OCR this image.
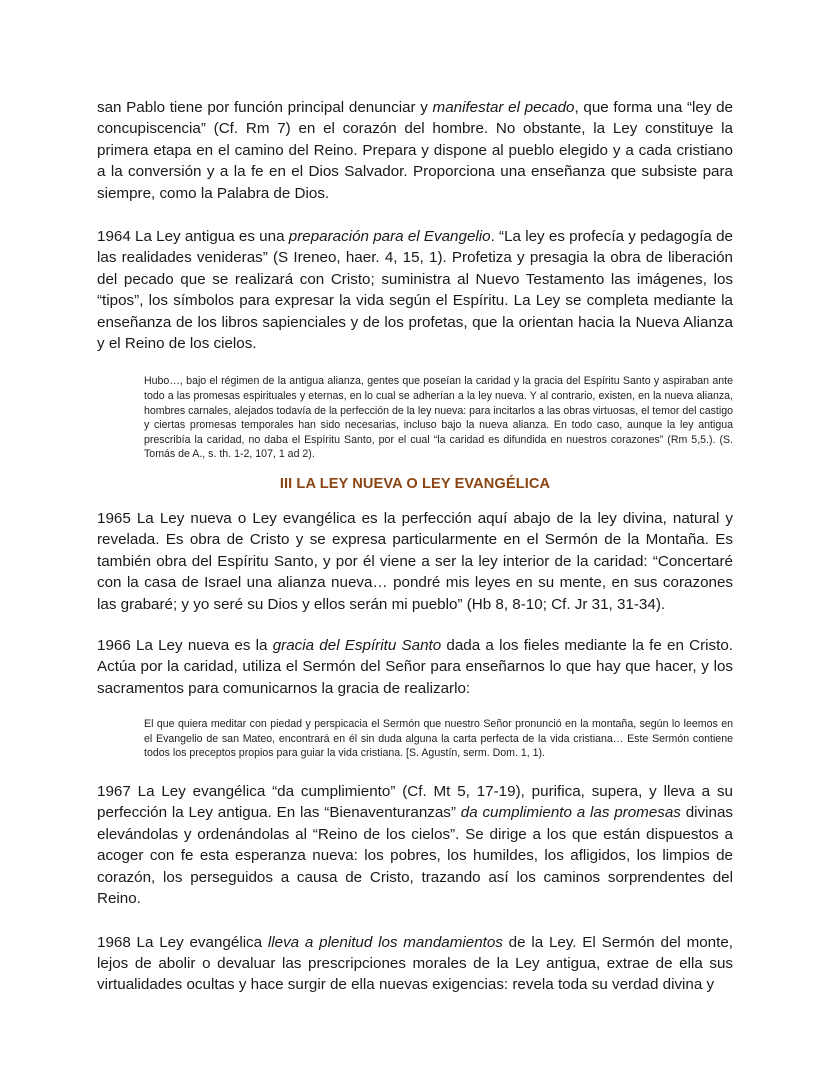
san Pablo tiene por función principal denunciar y manifestar el pecado, que forma una “ley de concupiscencia” (Cf. Rm 7) en el corazón del hombre. No obstante, la Ley constituye la primera etapa en el camino del Reino. Prepara y dispone al pueblo elegido y a cada cristiano a la conversión y a la fe en el Dios Salvador. Proporciona una enseñanza que subsiste para siempre, como la Palabra de Dios.

1964 La Ley antigua es una preparación para el Evangelio. “La ley es profecía y pedagogía de las realidades venideras” (S Ireneo, haer. 4, 15, 1). Profetiza y presagia la obra de liberación del pecado que se realizará con Cristo; suministra al Nuevo Testamento las imágenes, los “tipos”, los símbolos para expresar la vida según el Espíritu. La Ley se completa mediante la enseñanza de los libros sapienciales y de los profetas, que la orientan hacia la Nueva Alianza y el Reino de los cielos.

Hubo…, bajo el régimen de la antigua alianza, gentes que poseían la caridad y la gracia del Espíritu Santo y aspiraban ante todo a las promesas espirituales y eternas, en lo cual se adherían a la ley nueva. Y al contrario, existen, en la nueva alianza, hombres carnales, alejados todavía de la perfección de la ley nueva: para incitarlos a las obras virtuosas, el temor del castigo y ciertas promesas temporales han sido necesarias, incluso bajo la nueva alianza. En todo caso, aunque la ley antigua prescribía la caridad, no daba el Espíritu Santo, por el cual “la caridad es difundida en nuestros corazones” (Rm 5,5.). (S. Tomás de A., s. th. 1-2, 107, 1 ad 2).

III LA LEY NUEVA O LEY EVANGÉLICA

1965 La Ley nueva o Ley evangélica es la perfección aquí abajo de la ley divina, natural y revelada. Es obra de Cristo y se expresa particularmente en el Sermón de la Montaña. Es también obra del Espíritu Santo, y por él viene a ser la ley interior de la caridad: “Concertaré con la casa de Israel una alianza nueva… pondré mis leyes en su mente, en sus corazones las grabaré; y yo seré su Dios y ellos serán mi pueblo” (Hb 8, 8-10; Cf. Jr 31, 31-34).

1966 La Ley nueva es la gracia del Espíritu Santo dada a los fieles mediante la fe en Cristo. Actúa por la caridad, utiliza el Sermón del Señor para enseñarnos lo que hay que hacer, y los sacramentos para comunicarnos la gracia de realizarlo:

El que quiera meditar con piedad y perspicacia el Sermón que nuestro Señor pronunció en la montaña, según lo leemos en el Evangelio de san Mateo, encontrará en él sin duda alguna la carta perfecta de la vida cristiana… Este Sermón contiene todos los preceptos propios para guiar la vida cristiana. [S. Agustín, serm. Dom. 1, 1).

1967 La Ley evangélica “da cumplimiento” (Cf. Mt 5, 17-19), purifica, supera, y lleva a su perfección la Ley antigua. En las “Bienaventuranzas” da cumplimiento a las promesas divinas elevándolas y ordenándolas al “Reino de los cielos”. Se dirige a los que están dispuestos a acoger con fe esta esperanza nueva: los pobres, los humildes, los afligidos, los limpios de corazón, los perseguidos a causa de Cristo, trazando así los caminos sorprendentes del Reino.

1968 La Ley evangélica lleva a plenitud los mandamientos de la Ley. El Sermón del monte, lejos de abolir o devaluar las prescripciones morales de la Ley antigua, extrae de ella sus virtualidades ocultas y hace surgir de ella nuevas exigencias: revela toda su verdad divina y
